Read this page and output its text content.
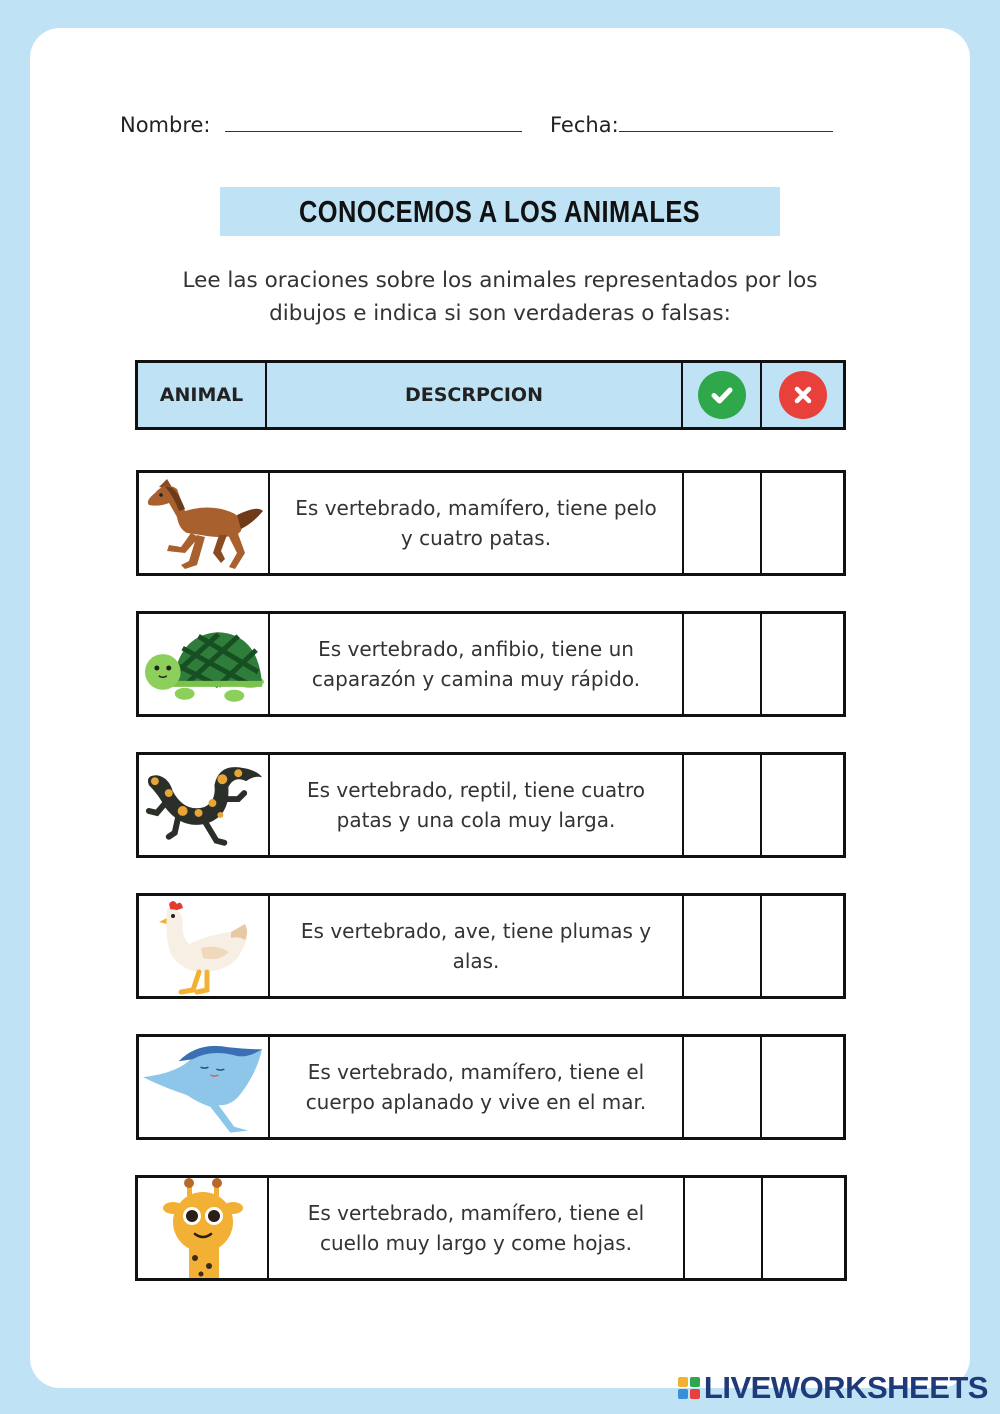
Nombre:	Fecha:
CONOCEMOS A LOS ANIMALES
Lee las oraciones sobre los animales representados por los dibujos e indica si son verdaderas o falsas:
ANIMAL	DESCRPCION
Es vertebrado, mamífero, tiene pelo y cuatro patas.
Es vertebrado, anfibio, tiene un caparazón y camina muy rápido.
Es vertebrado, reptil, tiene cuatro patas y una cola muy larga.
Es vertebrado, ave, tiene plumas y alas.
Es vertebrado, mamífero, tiene el cuerpo aplanado y vive en el mar.
Es vertebrado, mamífero, tiene el cuello muy largo y come hojas.
LIVEWORKSHEETS
